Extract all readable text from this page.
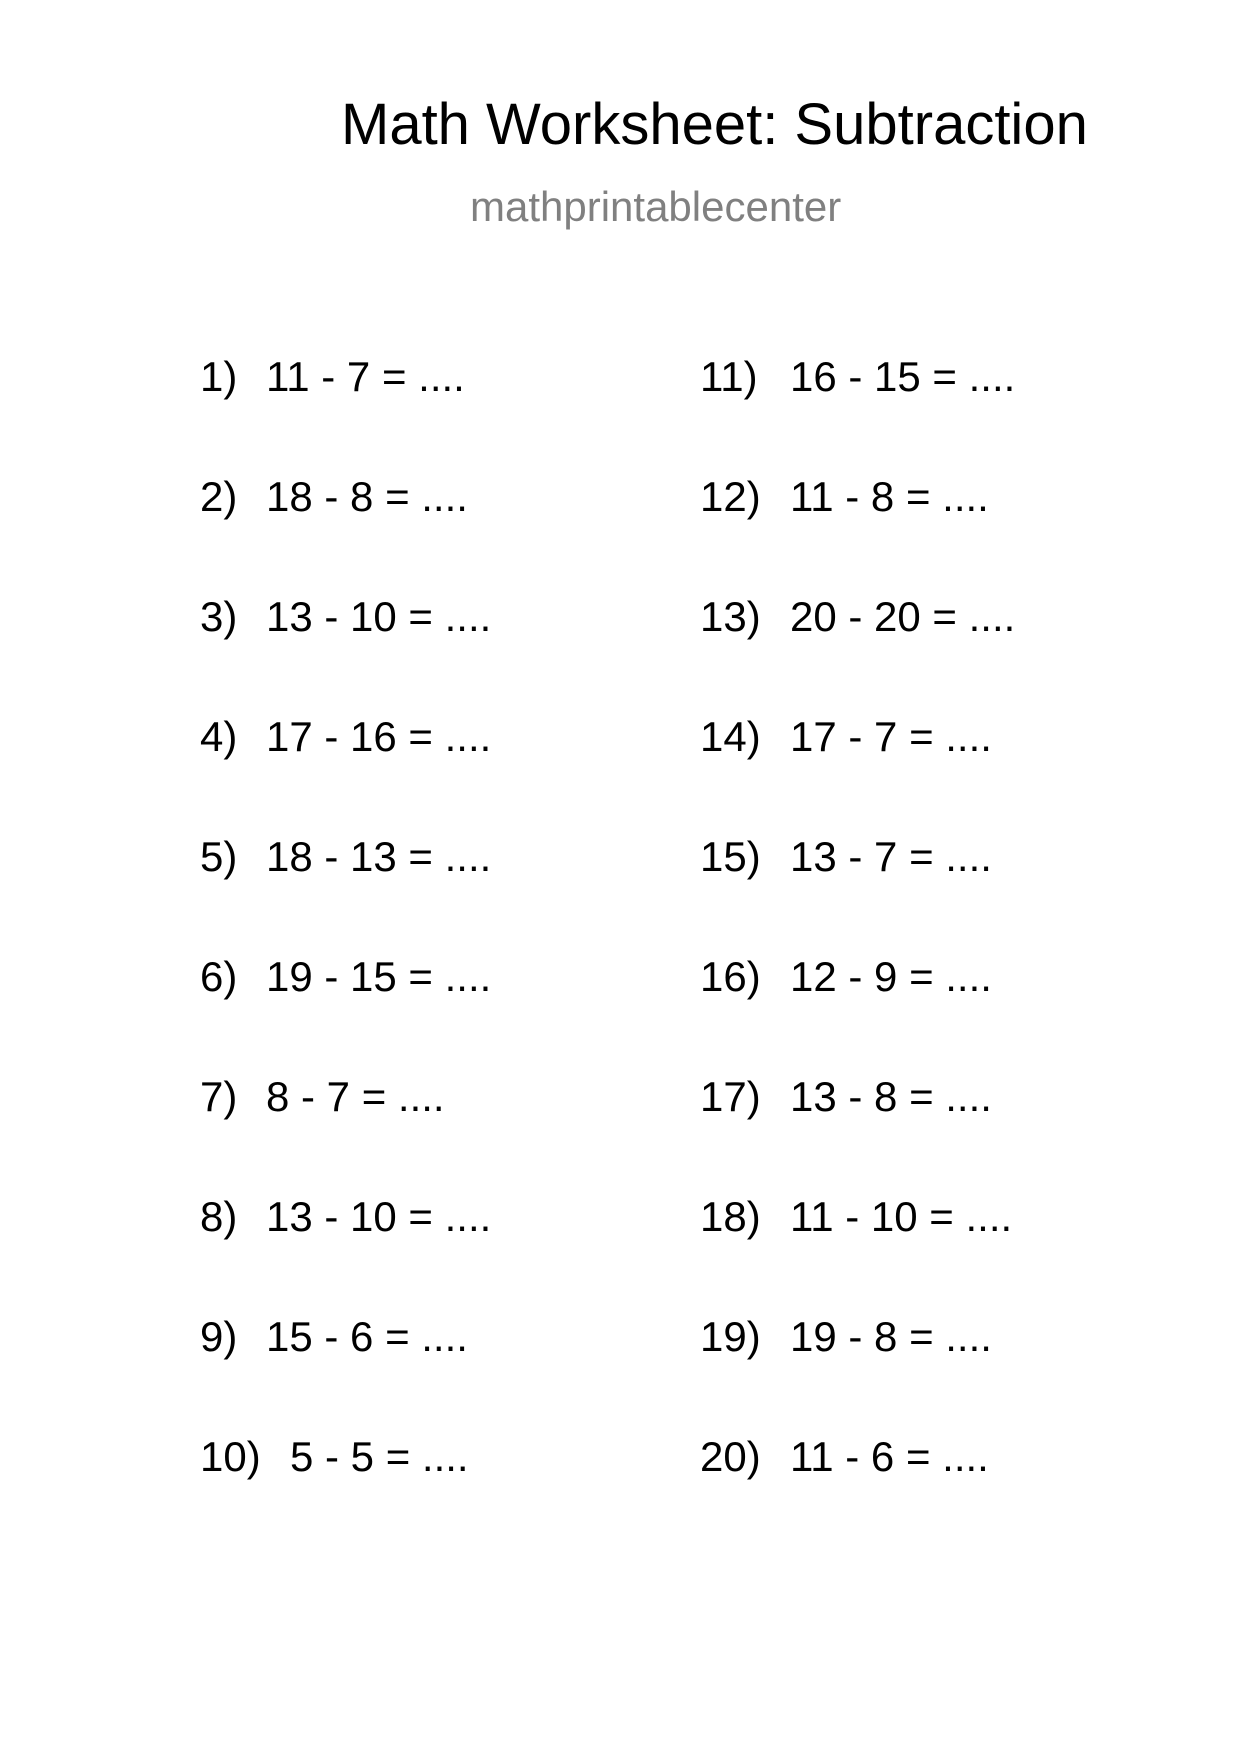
Math Worksheet: Subtraction
mathprintablecenter
1) 11 - 7 = ....
2) 18 - 8 = ....
3) 13 - 10 = ....
4) 17 - 16 = ....
5) 18 - 13 = ....
6) 19 - 15 = ....
7) 8 - 7 = ....
8) 13 - 10 = ....
9) 15 - 6 = ....
10) 5 - 5 = ....
11) 16 - 15 = ....
12) 11 - 8 = ....
13) 20 - 20 = ....
14) 17 - 7 = ....
15) 13 - 7 = ....
16) 12 - 9 = ....
17) 13 - 8 = ....
18) 11 - 10 = ....
19) 19 - 8 = ....
20) 11 - 6 = ....
